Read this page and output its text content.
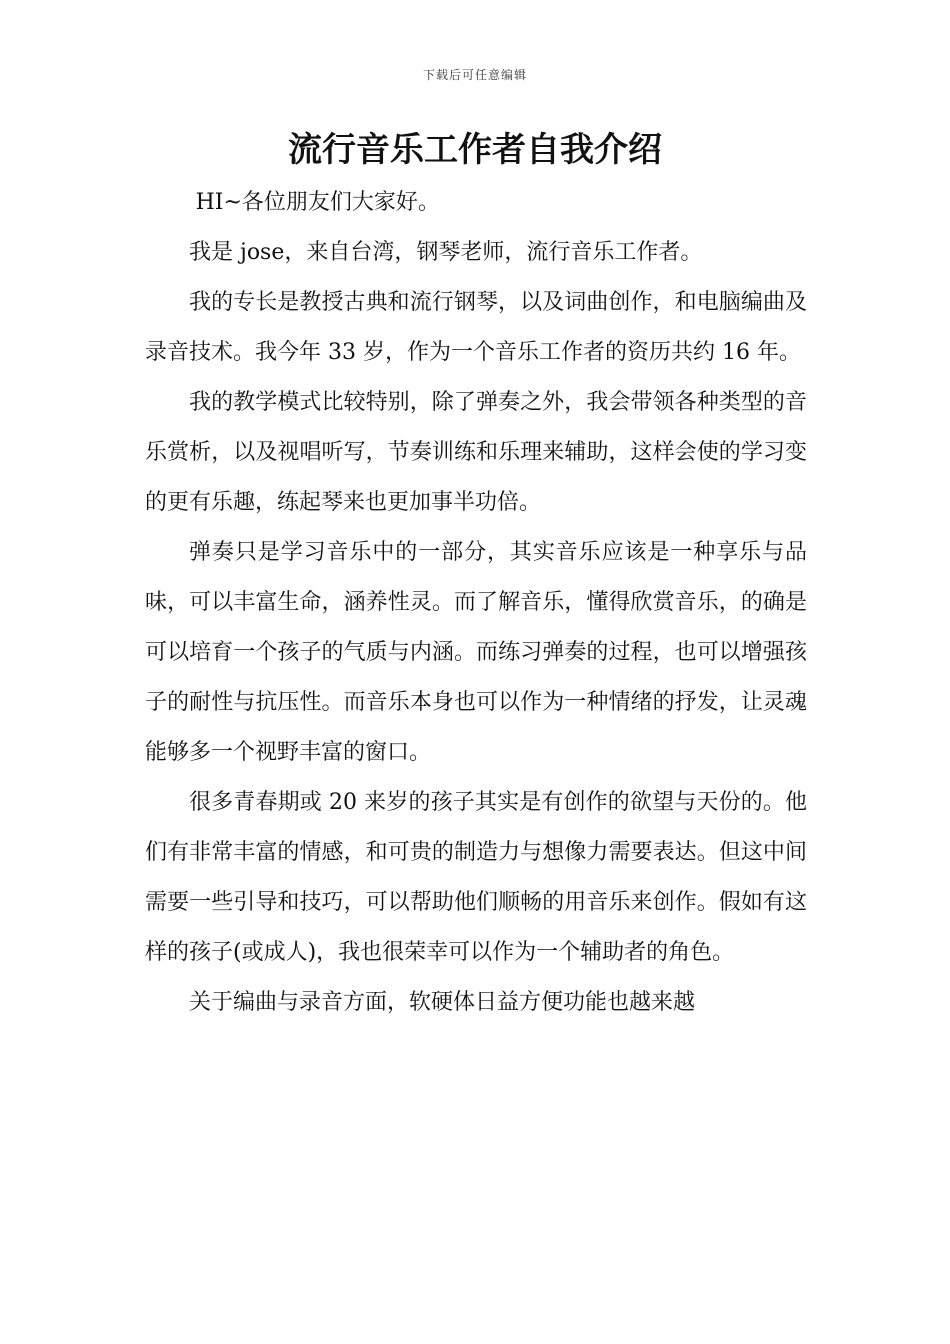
下载后可任意编辑
流行音乐工作者自我介绍

HI~各位朋友们大家好。

我是 jose，来自台湾，钢琴老师，流行音乐工作者。

我的专长是教授古典和流行钢琴，以及词曲创作，和电脑编曲及录音技术。我今年 33 岁，作为一个音乐工作者的资历共约 16 年。

我的教学模式比较特别，除了弹奏之外，我会带领各种类型的音乐赏析，以及视唱听写，节奏训练和乐理来辅助，这样会使的学习变的更有乐趣，练起琴来也更加事半功倍。

弹奏只是学习音乐中的一部分，其实音乐应该是一种享乐与品味，可以丰富生命，涵养性灵。而了解音乐，懂得欣赏音乐，的确是可以培育一个孩子的气质与内涵。而练习弹奏的过程，也可以增强孩子的耐性与抗压性。而音乐本身也可以作为一种情绪的抒发，让灵魂能够多一个视野丰富的窗口。

很多青春期或 20 来岁的孩子其实是有创作的欲望与天份的。他们有非常丰富的情感，和可贵的制造力与想像力需要表达。但这中间需要一些引导和技巧，可以帮助他们顺畅的用音乐来创作。假如有这样的孩子(或成人)，我也很荣幸可以作为一个辅助者的角色。

关于编曲与录音方面，软硬体日益方便功能也越来越
